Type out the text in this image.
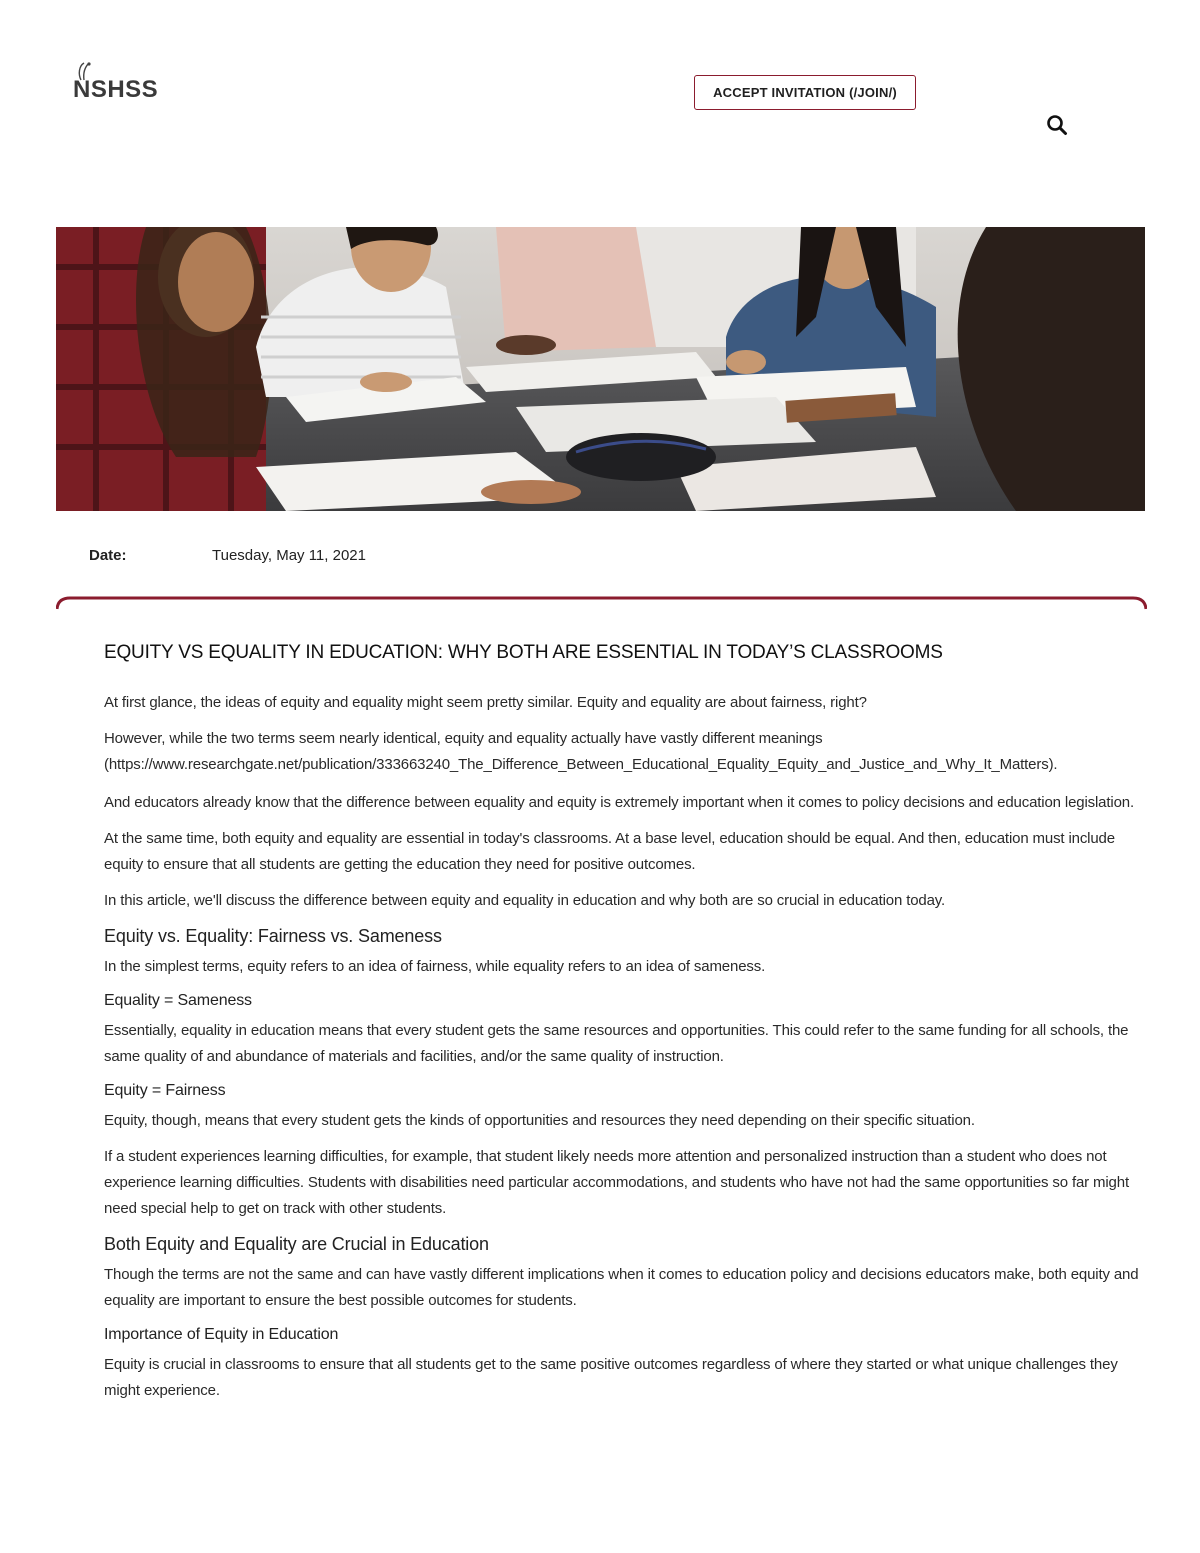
NSHSS	ACCEPT INVITATION (/JOIN/)
Date:	Tuesday, May 11, 2021
EQUITY VS EQUALITY IN EDUCATION: WHY BOTH ARE ESSENTIAL IN TODAY’S CLASSROOMS

At first glance, the ideas of equity and equality might seem pretty similar. Equity and equality are about fairness, right?

However, while the two terms seem nearly identical, equity and equality actually have vastly different meanings
(https://www.researchgate.net/publication/333663240_The_Difference_Between_Educational_Equality_Equity_and_Justice_and_Why_It_Matters).

And educators already know that the difference between equality and equity is extremely important when it comes to policy decisions and education legislation.

At the same time, both equity and equality are essential in today's classrooms. At a base level, education should be equal. And then, education must include equity to ensure that all students are getting the education they need for positive outcomes.

In this article, we'll discuss the difference between equity and equality in education and why both are so crucial in education today.

Equity vs. Equality: Fairness vs. Sameness

In the simplest terms, equity refers to an idea of fairness, while equality refers to an idea of sameness.

Equality = Sameness

Essentially, equality in education means that every student gets the same resources and opportunities. This could refer to the same funding for all schools, the same quality of and abundance of materials and facilities, and/or the same quality of instruction.

Equity = Fairness

Equity, though, means that every student gets the kinds of opportunities and resources they need depending on their specific situation.

If a student experiences learning difficulties, for example, that student likely needs more attention and personalized instruction than a student who does not experience learning difficulties. Students with disabilities need particular accommodations, and students who have not had the same opportunities so far might need special help to get on track with other students.

Both Equity and Equality are Crucial in Education

Though the terms are not the same and can have vastly different implications when it comes to education policy and decisions educators make, both equity and equality are important to ensure the best possible outcomes for students.

Importance of Equity in Education

Equity is crucial in classrooms to ensure that all students get to the same positive outcomes regardless of where they started or what unique challenges they might experience.
